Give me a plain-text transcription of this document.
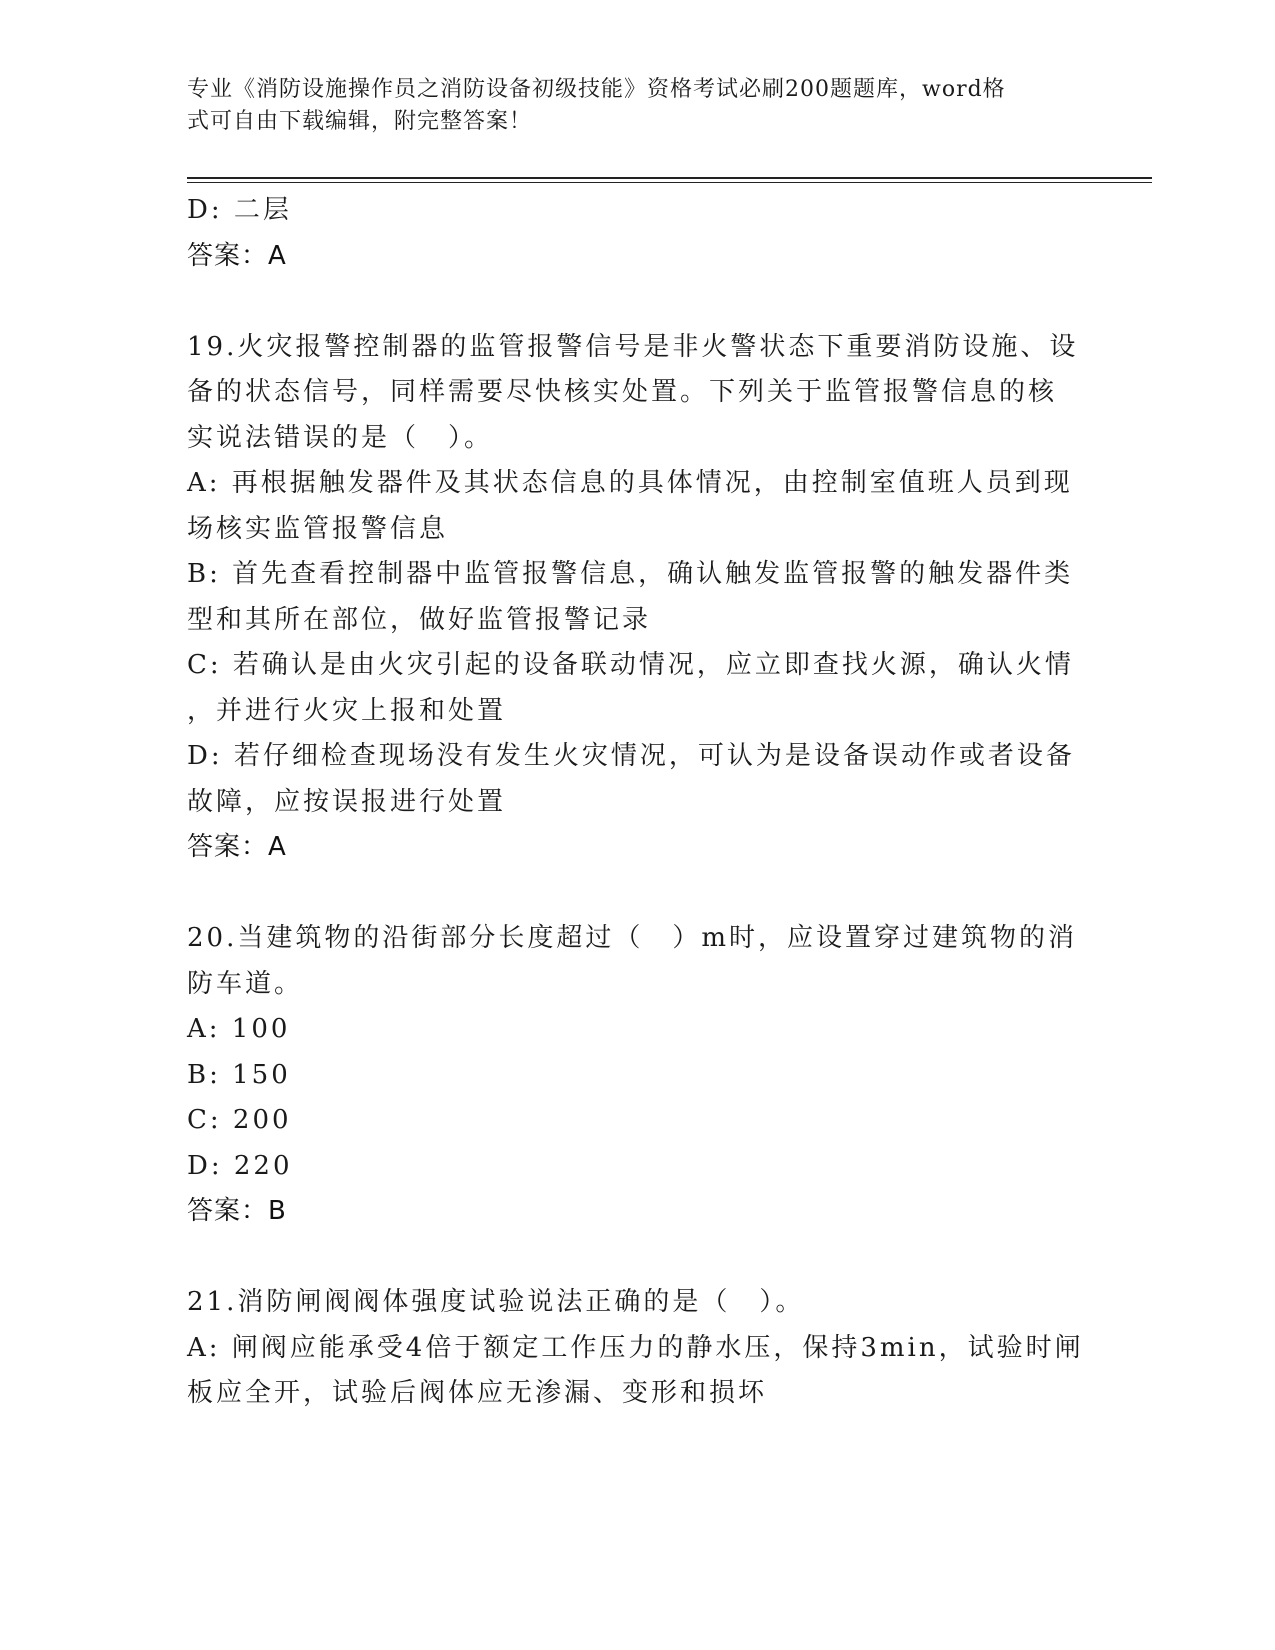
专业《消防设施操作员之消防设备初级技能》资格考试必刷200题题库，word格
式可自由下载编辑，附完整答案！
D: 二层
答案：A
19.火灾报警控制器的监管报警信号是非火警状态下重要消防设施、设
备的状态信号，同样需要尽快核实处置。下列关于监管报警信息的核
实说法错误的是（　）。
A: 再根据触发器件及其状态信息的具体情况，由控制室值班人员到现
场核实监管报警信息
B: 首先查看控制器中监管报警信息，确认触发监管报警的触发器件类
型和其所在部位，做好监管报警记录
C: 若确认是由火灾引起的设备联动情况，应立即查找火源，确认火情
，并进行火灾上报和处置
D: 若仔细检查现场没有发生火灾情况，可认为是设备误动作或者设备
故障，应按误报进行处置
答案：A
20.当建筑物的沿街部分长度超过（　）m时，应设置穿过建筑物的消
防车道。
A: 100
B: 150
C: 200
D: 220
答案：B
21.消防闸阀阀体强度试验说法正确的是（　）。
A: 闸阀应能承受4倍于额定工作压力的静水压，保持3min，试验时闸
板应全开，试验后阀体应无渗漏、变形和损坏
